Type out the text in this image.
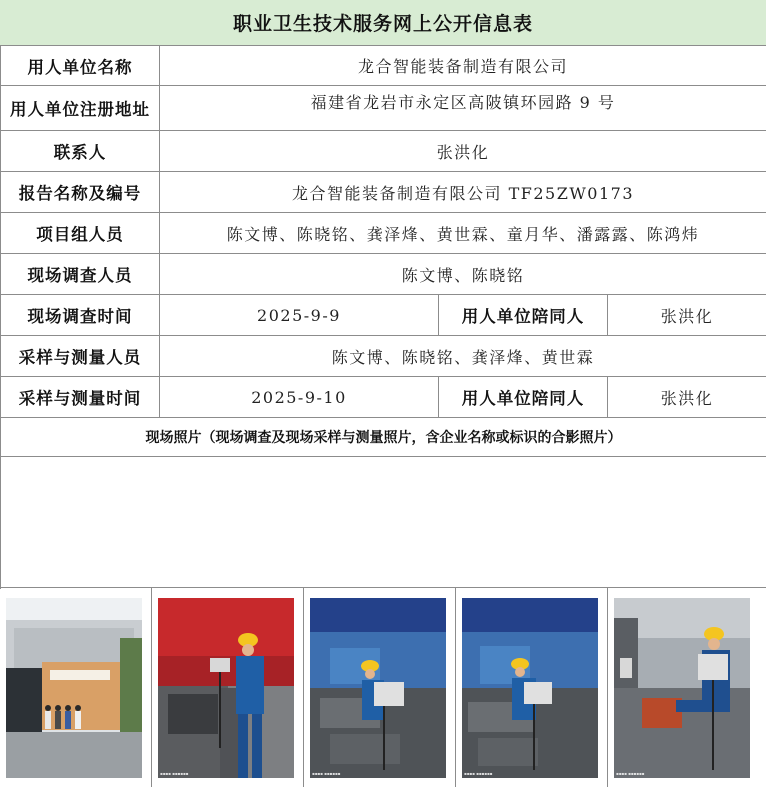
职业卫生技术服务网上公开信息表
用人单位名称	龙合智能装备制造有限公司		
用人单位注册地址	福建省龙岩市永定区高陂镇环园路 9 号		
联系人	张洪化		
报告名称及编号	龙合智能装备制造有限公司 TF25ZW0173		
项目组人员	陈文博、陈晓铭、龚泽烽、黄世霖、童月华、潘露露、陈鸿炜		
现场调查人员	陈文博、陈晓铭		
现场调查时间	2025-9-9	用人单位陪同人	张洪化
采样与测量人员	陈文博、陈晓铭、龚泽烽、黄世霖		
采样与测量时间	2025-9-10	用人单位陪同人	张洪化
现场照片（现场调查及现场采样与测量照片，含企业名称或标识的合影照片）			

▪▪▪▪ ▪▪▪▪▪▪	▪▪▪▪ ▪▪▪▪▪▪	▪▪▪▪ ▪▪▪▪▪▪	▪▪▪▪ ▪▪▪▪▪▪
